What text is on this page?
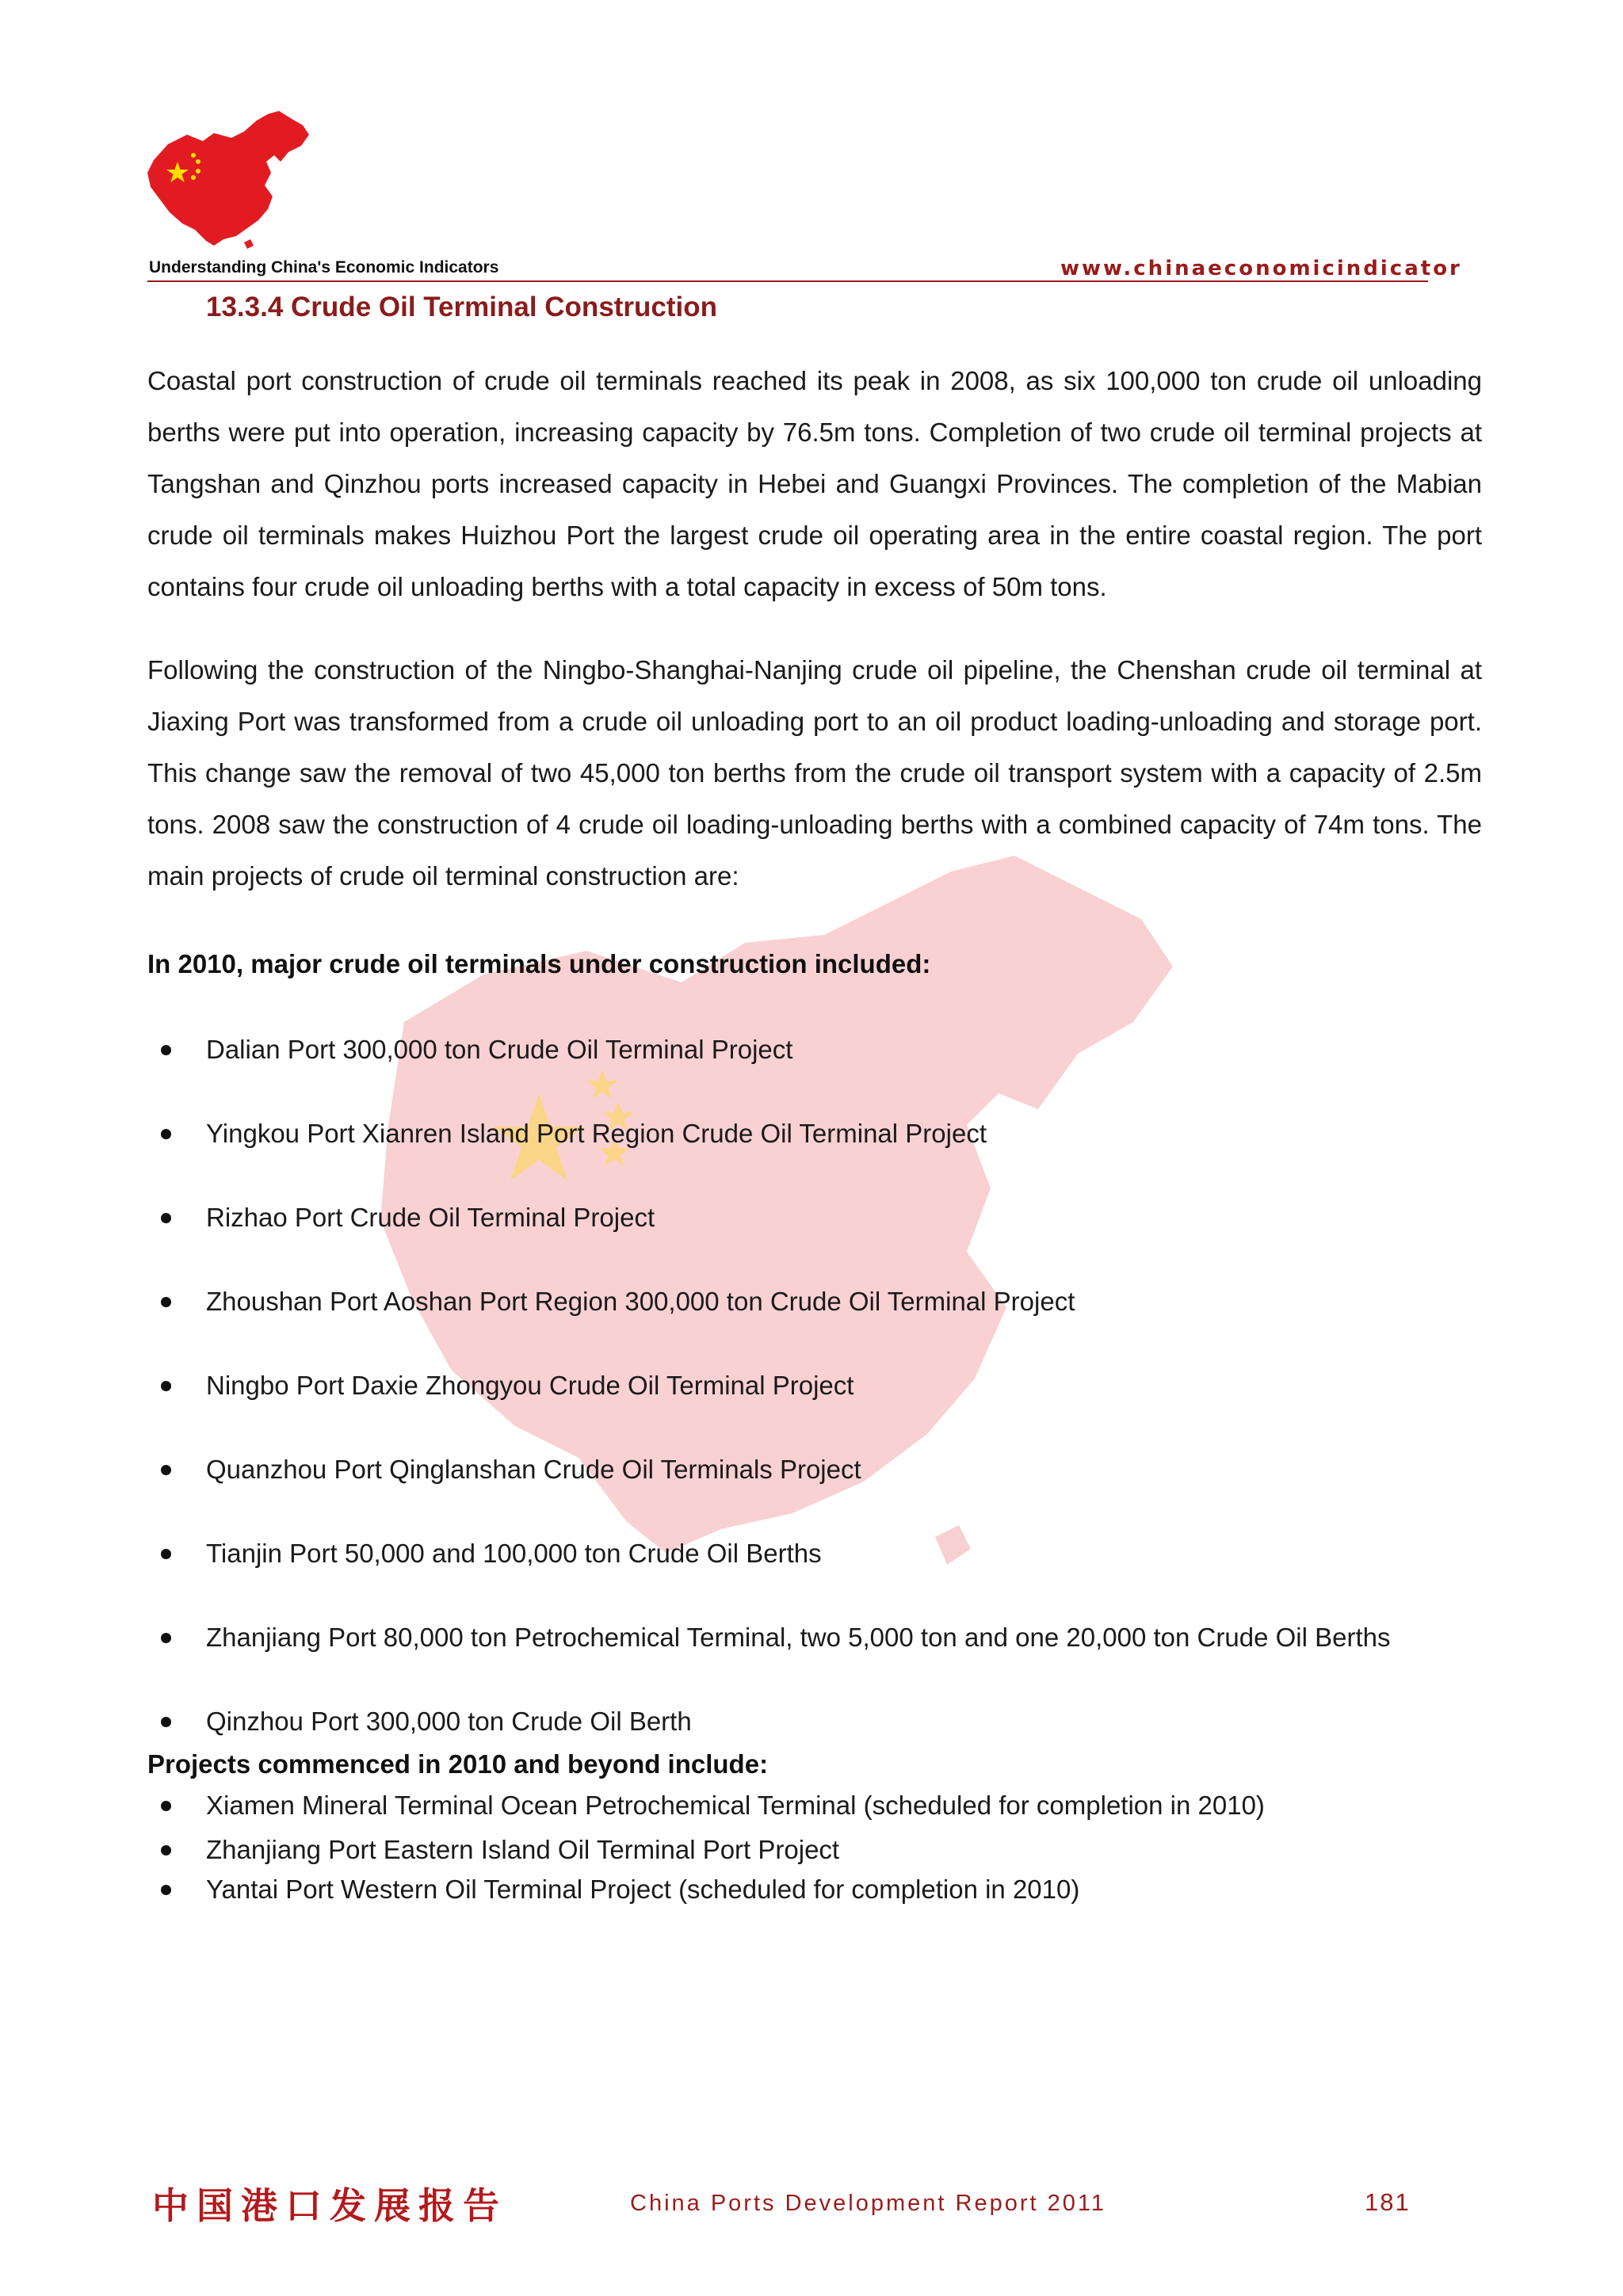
Understanding China's Economic Indicators	www.chinaeconomicindicator
13.3.4 Crude Oil Terminal Construction

Coastal port construction of crude oil terminals reached its peak in 2008, as six 100,000 ton crude oil unloading berths were put into operation, increasing capacity by 76.5m tons. Completion of two crude oil terminal projects at Tangshan and Qinzhou ports increased capacity in Hebei and Guangxi Provinces. The completion of the Mabian crude oil terminals makes Huizhou Port the largest crude oil operating area in the entire coastal region. The port contains four crude oil unloading berths with a total capacity in excess of 50m tons.

Following the construction of the Ningbo-Shanghai-Nanjing crude oil pipeline, the Chenshan crude oil terminal at Jiaxing Port was transformed from a crude oil unloading port to an oil product loading-unloading and storage port. This change saw the removal of two 45,000 ton berths from the crude oil transport system with a capacity of 2.5m tons. 2008 saw the construction of 4 crude oil loading-unloading berths with a combined capacity of 74m tons. The main projects of crude oil terminal construction are:

In 2010, major crude oil terminals under construction included:

Dalian Port 300,000 ton Crude Oil Terminal Project
Yingkou Port Xianren Island Port Region Crude Oil Terminal Project
Rizhao Port Crude Oil Terminal Project
Zhoushan Port Aoshan Port Region 300,000 ton Crude Oil Terminal Project
Ningbo Port Daxie Zhongyou Crude Oil Terminal Project
Quanzhou Port Qinglanshan Crude Oil Terminals Project
Tianjin Port 50,000 and 100,000 ton Crude Oil Berths
Zhanjiang Port 80,000 ton Petrochemical Terminal, two 5,000 ton and one 20,000 ton Crude Oil Berths
Qinzhou Port 300,000 ton Crude Oil Berth
Xiamen Mineral Terminal Ocean Petrochemical Terminal (scheduled for completion in 2010)
Yantai Port Western Oil Terminal Project (scheduled for completion in 2010)

Projects commenced in 2010 and beyond include:

Zhanjiang Port Eastern Island Oil Terminal Port Project
中国港口发展报告	China Ports Development Report 2011	181
